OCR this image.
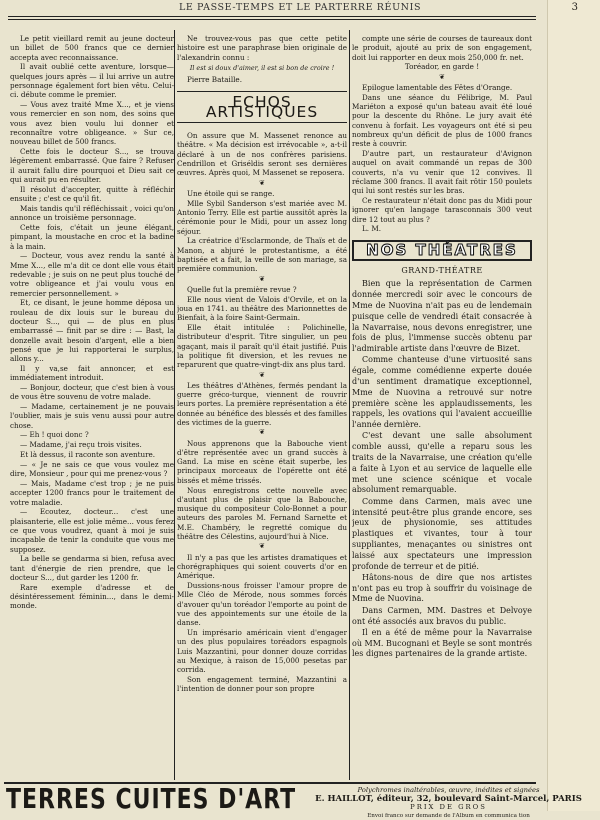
LE PASSE-TEMPS ET LE PARTERRE RÉUNIS	3

Le petit vieillard remit au jeune docteur un billet de 500 francs que ce dernier accepta avec reconnaissance.

Il avait oublié cette aventure, lorsque— quelques jours après — il lui arrive un autre personnage également fort bien vêtu. Celui-ci. débute comme le premier.

— Vous avez traité Mme X..., et je viens vous remercier en son nom, des soins que vous avez bien voulu lui donner et reconnaître votre obligeance. » Sur ce, nouveau billet de 500 francs.

Cette fois le docteur S..., se trouva légèrement embarrassé. Que faire ? Refuser il aurait fallu dire pourquoi et Dieu sait ce qui aurait pu en résulter.

Il résolut d'accepter, quitte à réfléchir ensuite ; c'est ce qu'il fit.

Mais tandis qu'il réfléchissait , voici qu'on annonce un troisième personnage.

Cette fois, c'était un jeune élégant, pimpant, la moustache en croc et la badine à la main.

— Docteur, vous avez rendu la santé à Mme X..., elle m'a dit ce dont elle vous était redevable ; je suis on ne peut plus touché de votre obligeance et j'ai voulu vous en remercier personnellement. »

Et, ce disant, le jeune homme déposa un rouleau de dix louis sur le bureau du docteur S..., qui — de plus en plus embarrassé — finit par se dire : — Bast, la donzelle avait besoin d'argent, elle a bien pensé que je lui rapporterai le surplus, allons y...

Il y va,se fait annoncer, et est immédiatement introduit.

— Bonjour, docteur, que c'est bien à vous de vous être souvenu de votre malade.

— Madame, certainement je ne pouvais l'oublier, mais je suis venu aussi pour autre chose.

— Eh ! quoi donc ?

— Madame, j'ai reçu trois visites.

Et là dessus, il raconte son aventure.

— « Je ne sais ce que vous voulez me dire, Monsieur , pour qui me prenez-vous ?

— Mais, Madame c'est trop ; je ne puis accepter 1200 francs pour le traitement de votre maladie.

— Ecoutez, docteur... c'est une plaisanterie, elle est jolie même... vous ferez ce que vous voudrez, quant à moi je suis incapable de tenir la conduite que vous me supposez.

La belle se gendarma si bien, refusa avec tant d'énergie de rien prendre, que le docteur S..., dut garder les 1200 fr.

Rare exemple d'adresse et de désintéressement féminin..., dans le demi-monde.

Ne trouvez-vous pas que cette petite histoire est une paraphrase bien originale de l'alexandrin connu :

Il est si doux d'aimer, il est si bon de croire !

Pierre Bataille.

ECHOS ARTISTIQUES

On assure que M. Massenet renonce au théâtre. « Ma décision est irrévocable », a-t-il déclaré à un de nos confrères parisiens. Cendrillon et Griséldis seront ses dernières œuvres. Après quoi, M Massenet se reposera.

❦

Une étoile qui se range.

Mlle Sybil Sanderson s'est mariée avec M. Antonio Terry. Elle est partie aussitôt après la cérémonie pour le Midi, pour un assez long séjour.

La créatrice d'Esclarmonde, de Thaïs et de Manon, a abjuré le protestantisme, a été baptisée et a fait, la veille de son mariage, sa première communion.

❦

Quelle fut la première revue ?

Elle nous vient de Valois d'Orvile, et on la joua en 1741. au théâtre des Marionnettes de Bienfait, à la foire Saint-Germain.

Elle était intitulée : Polichinelle, distributeur d'esprit. Titre singulier, un peu agaçant, mais il paraît qu'il était justifié. Puis la politique fit diversion, et les revues ne reparurent que quatre-vingt-dix ans plus tard.

❦

Les théâtres d'Athènes, fermés pendant la guerre gréco-turque, viennent de rouvrir leurs portes. La première représentation a été donnée au bénéfice des blessés et des familles des victimes de la guerre.

❦

Nous apprenons que la Babouche vient d'être représentée avec un grand succès à Gand. La mise en scène était superbe, les principaux morceaux de l'opérette ont été bissés et même trissés.

Nous enregistrons cette nouvelle avec d'autant plus de plaisir que la Babouche, musique du compositeur Colo-Bonnet a pour auteurs des paroles M. Fernand Sarnette et M.E. Chambéry, le regretté comique du théâtre des Célestins, aujourd'hui à Nice.

❦

Il n'y a pas que les artistes dramatiques et chorégraphiques qui soient couverts d'or en Amérique.

Dussions-nous froisser l'amour propre de Mlle Cléo de Mérode, nous sommes forcés d'avouer qu'un toréador l'emporte au point de vue des appointements sur une étoile de la danse.

Un imprésario américain vient d'engager un des plus populaires toréadors espagnols Luis Mazzantini, pour donner douze corridas au Mexique, à raison de 15,000 pesetas par corrida.

Son engagement terminé, Mazzantini a l'intention de donner pour son propre

compte une série de courses de taureaux dont le produit, ajouté au prix de son engagement, doit lui rapporter en deux mois 250,000 fr. net.

Toréador, en garde !

❦

Epilogue lamentable des Fêtes d'Orange.

Dans une séance du Félibrige, M. Paul Mariéton a exposé qu'un bateau avait été loué pour la descente du Rhône. Le jury avait été convenu à forfait. Les voyageurs ont été si peu nombreux qu'un déficit de plus de 1000 francs reste à couvrir.

D'autre part, un restaurateur d'Avignon auquel on avait commandé un repas de 300 couverts, n'a vu venir que 12 convives. Il réclame 300 francs. Il avait fait rôtir 150 poulets qui lui sont restés sur les bras.

Ce restaurateur n'était donc pas du Midi pour ignorer qu'en langage tarasconnais 300 veut dire 12 tout au plus ?

L. M.

NOS THÉATRES
GRAND-THÉATRE

Bien que la représentation de Carmen donnée mercredi soir avec le concours de Mme de Nuovina n'ait pas eu de lendemain puisque celle de vendredi était consacrée à la Navarraise, nous devons enregistrer, une fois de plus, l'immense succès obtenu par l'admirable artiste dans l'œuvre de Bizet.

Comme chanteuse d'une virtuosité sans égale, comme comédienne experte douée d'un sentiment dramatique exceptionnel, Mme de Nuovina a retrouvé sur notre première scène les applaudissements, les rappels, les ovations qui l'avaient accueillie l'année dernière.

C'est devant une salle absolument comble aussi, qu'elle a reparu sous les traits de la Navarraise, une création qu'elle a faite à Lyon et au service de laquelle elle met une science scénique et vocale absolument remarquable.

Comme dans Carmen, mais avec une intensité peut-être plus grande encore, ses jeux de physionomie, ses attitudes plastiques et vivantes, tour à tour suppliantes, menaçantes ou sinistres ont laissé aux spectateurs une impression profonde de terreur et de pitié.

Hâtons-nous de dire que nos artistes n'ont pas eu trop à souffrir du voisinage de Mme de Nuovina.

Dans Carmen, MM. Dastres et Delvoye ont été associés aux bravos du public.

Il en a été de même pour la Navarraise où MM. Bucognani et Beyle se sont montrés les dignes partenaires de la grande artiste.

TERRES CUITES D'ART	Polychromes inaltérables, œuvre, inédites et signées
E. HAILLOT, éditeur, 32, boulevard Saint-Marcel, PARIS
PRIX DE GROS
Envoi franco sur demande de l'Album en communica tion
